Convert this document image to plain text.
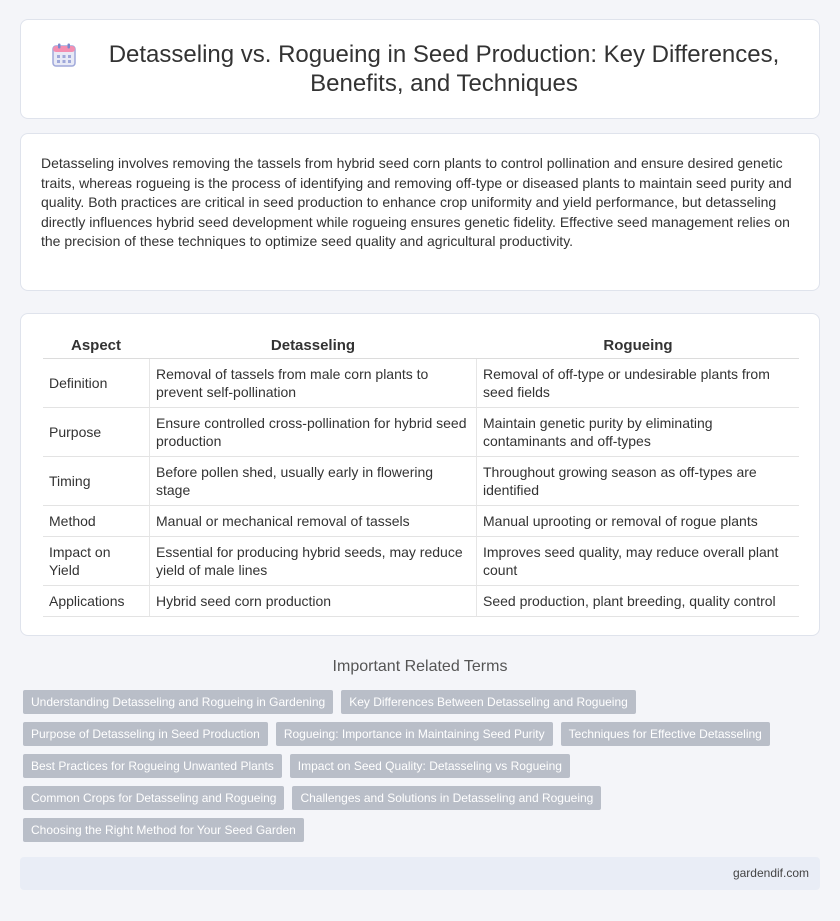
Detasseling vs. Rogueing in Seed Production: Key Differences, Benefits, and Techniques

Detasseling involves removing the tassels from hybrid seed corn plants to control pollination and ensure desired genetic traits, whereas rogueing is the process of identifying and removing off-type or diseased plants to maintain seed purity and quality. Both practices are critical in seed production to enhance crop uniformity and yield performance, but detasseling directly influences hybrid seed development while rogueing ensures genetic fidelity. Effective seed management relies on the precision of these techniques to optimize seed quality and agricultural productivity.

Aspect	Detasseling	Rogueing
Definition	Removal of tassels from male corn plants to prevent self-pollination	Removal of off-type or undesirable plants from seed fields
Purpose	Ensure controlled cross-pollination for hybrid seed production	Maintain genetic purity by eliminating contaminants and off-types
Timing	Before pollen shed, usually early in flowering stage	Throughout growing season as off-types are identified
Method	Manual or mechanical removal of tassels	Manual uprooting or removal of rogue plants
Impact on Yield	Essential for producing hybrid seeds, may reduce yield of male lines	Improves seed quality, may reduce overall plant count
Applications	Hybrid seed corn production	Seed production, plant breeding, quality control
Important Related Terms
Understanding Detasseling and Rogueing in Gardening	Key Differences Between Detasseling and Rogueing
Purpose of Detasseling in Seed Production	Rogueing: Importance in Maintaining Seed Purity	Techniques for Effective Detasseling
Best Practices for Rogueing Unwanted Plants	Impact on Seed Quality: Detasseling vs Rogueing
Common Crops for Detasseling and Rogueing	Challenges and Solutions in Detasseling and Rogueing
Choosing the Right Method for Your Seed Garden
gardendif.com
